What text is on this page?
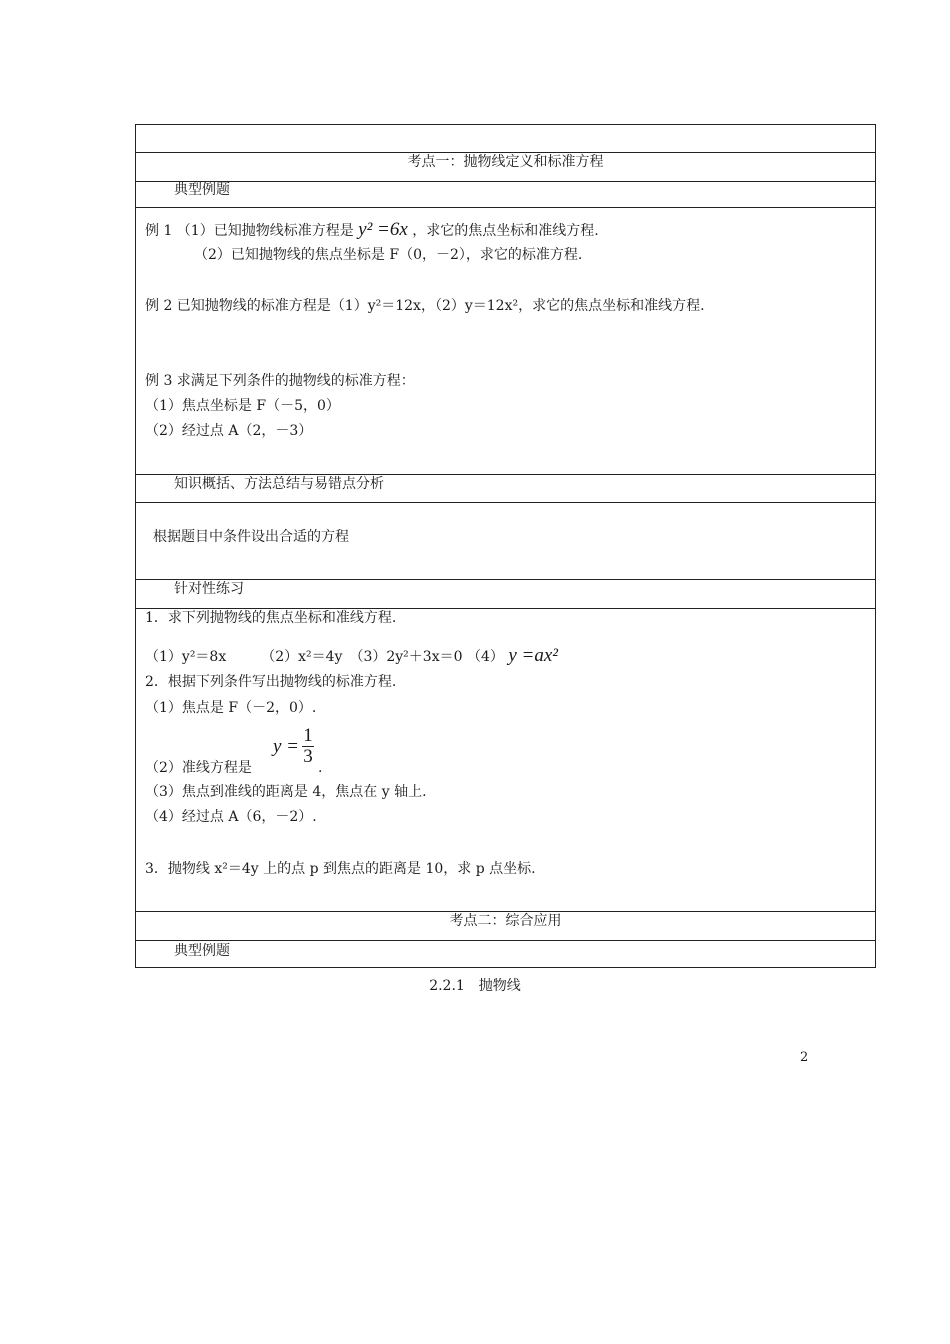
考点一：抛物线定义和标准方程
典型例题
例 1 （1）已知抛物线标准方程是 y² =6x ，求它的焦点坐标和准线方程.
（2）已知抛物线的焦点坐标是 F（0，－2），求它的标准方程.
例 2 已知抛物线的标准方程是（1）y²＝12x，（2）y＝12x²，求它的焦点坐标和准线方程.
例 3 求满足下列条件的抛物线的标准方程：
（1）焦点坐标是 F（－5，0）
（2）经过点 A（2，－3）
知识概括、方法总结与易错点分析
根据题目中条件设出合适的方程
针对性练习
1．求下列抛物线的焦点坐标和准线方程.
（1）y²＝8x　　　（2）x²＝4y　（3）2y²＋3x＝0 （4） y =ax²
2．根据下列条件写出抛物线的标准方程.
（1）焦点是 F（－2，0）.
（2）准线方程是
y =
1
3
.
（3）焦点到准线的距离是 4，焦点在 y 轴上.
（4）经过点 A（6，－2）.
3．抛物线 x²＝4y 上的点 p 到焦点的距离是 10，求 p 点坐标.
考点二：综合应用
典型例题
2.2.1　抛物线
2
